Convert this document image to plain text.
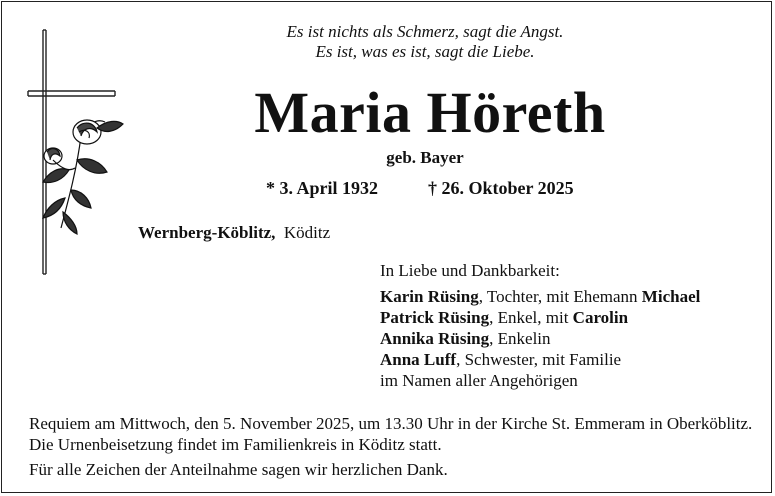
Es ist nichts als Schmerz, sagt die Angst.
Es ist, was es ist, sagt die Liebe.
Maria Höreth
geb. Bayer
* 3. April 1932	† 26. Oktober 2025
Wernberg-Köblitz, Köditz
In Liebe und Dankbarkeit:
Karin Rüsing, Tochter, mit Ehemann Michael
Patrick Rüsing, Enkel, mit Carolin
Annika Rüsing, Enkelin
Anna Luff, Schwester, mit Familie
im Namen aller Angehörigen
Requiem am Mittwoch, den 5. November 2025, um 13.30 Uhr in der Kirche St. Emmeram in Oberköblitz. Die Urnenbeisetzung findet im Familienkreis in Köditz statt.
Für alle Zeichen der Anteilnahme sagen wir herzlichen Dank.
